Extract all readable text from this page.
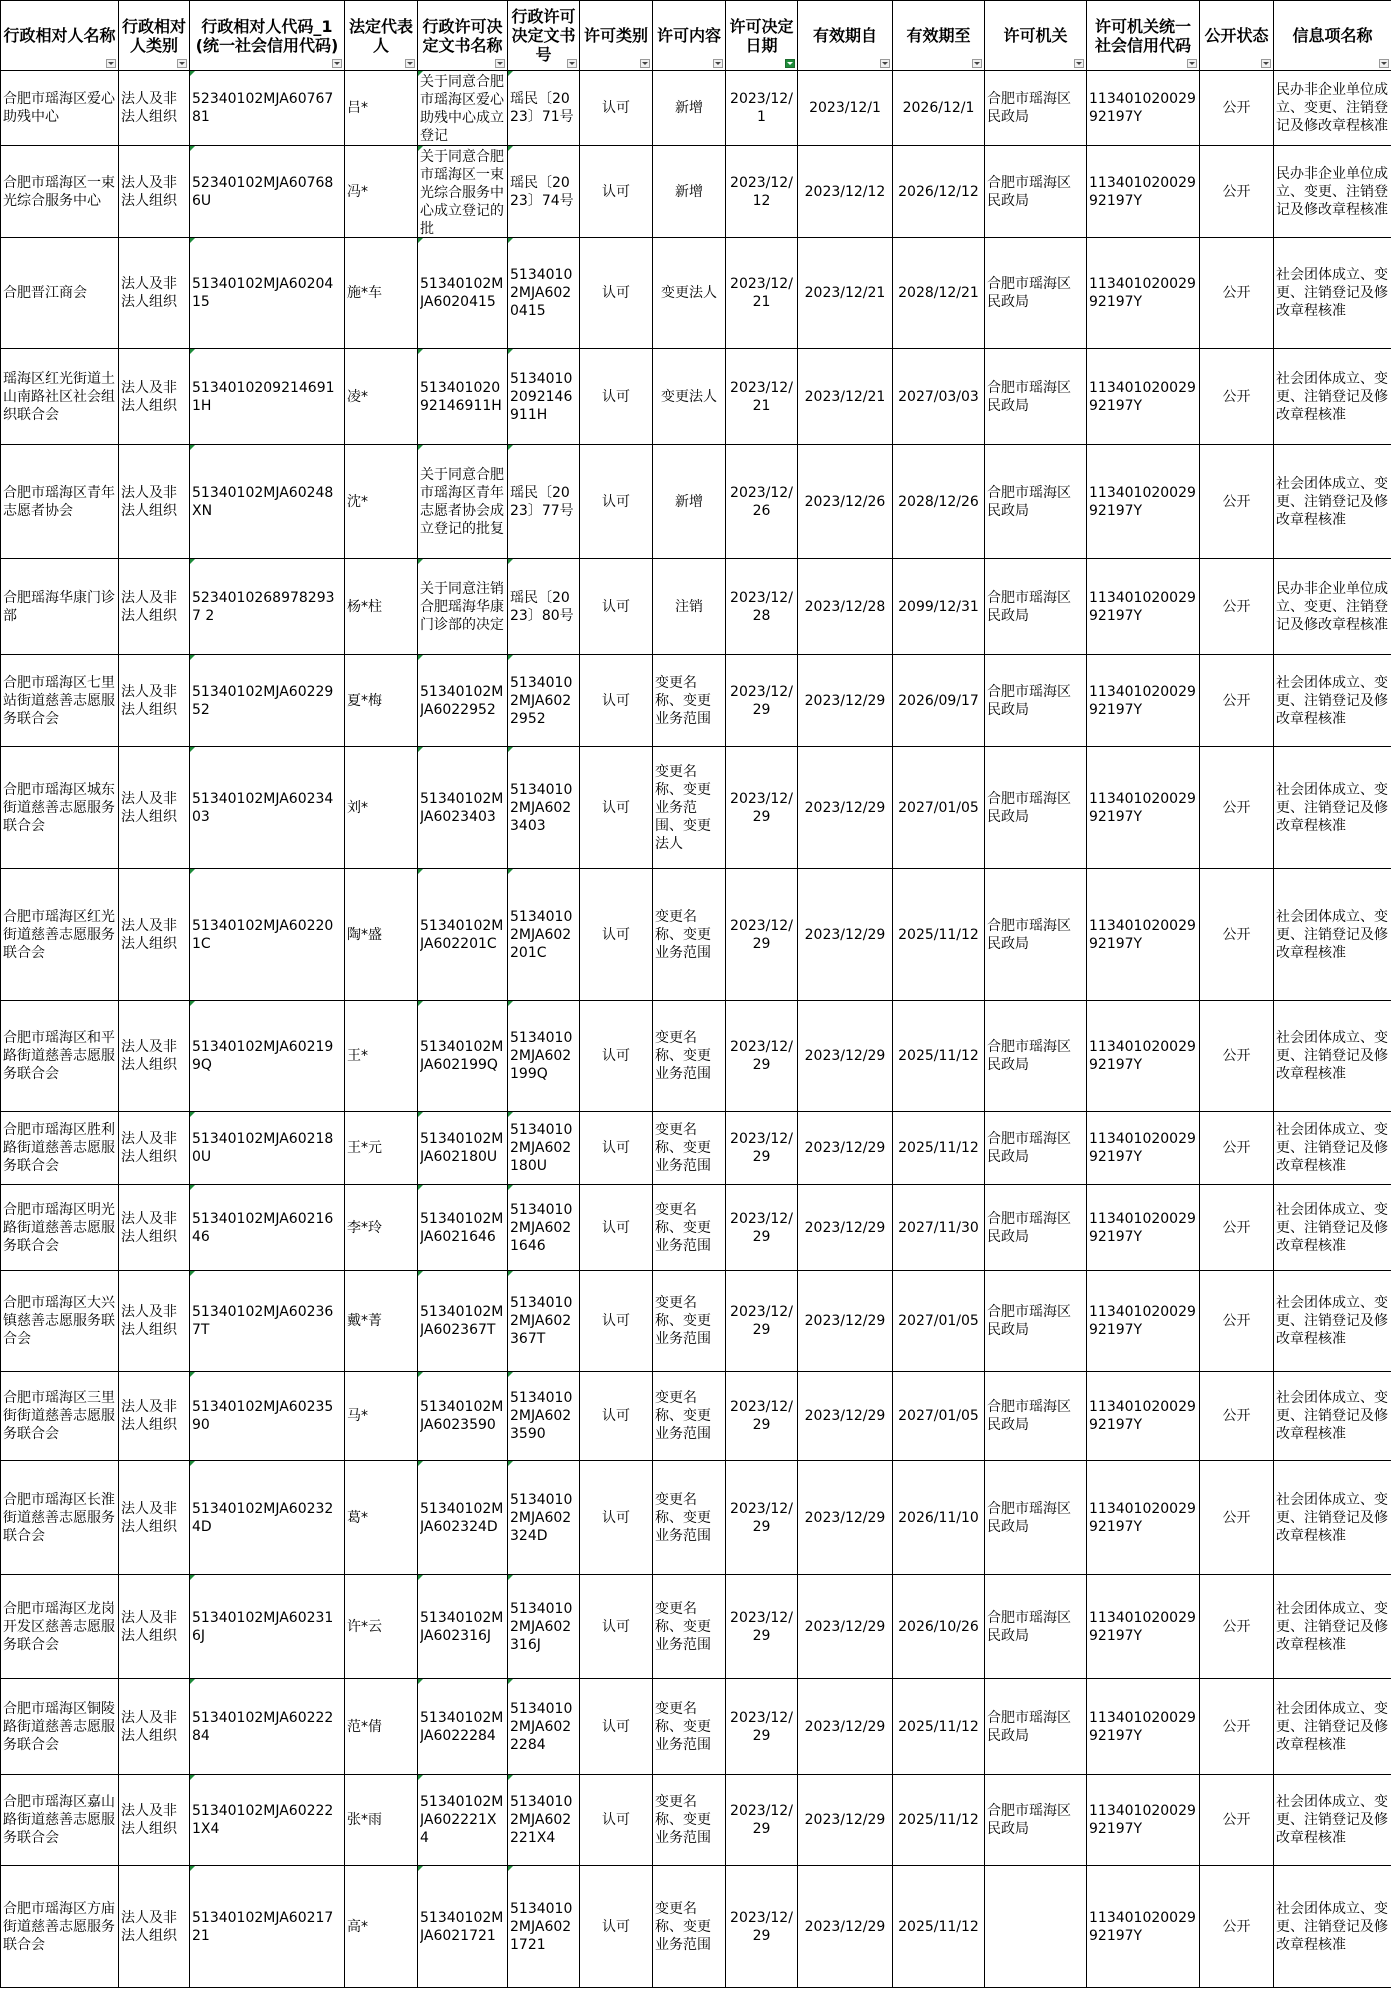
行政相对人名称	行政相对人类别	行政相对人代码_1(统一社会信用代码)	法定代表人	行政许可决定文书名称	行政许可决定文书号	许可类别	许可内容	许可决定日期	有效期自	有效期至	许可机关	许可机关统一社会信用代码	公开状态	信息项名称

合肥市瑶海区爱心助残中心	法人及非法人组织	52340102MJA6076781	吕*	关于同意合肥市瑶海区爱心助残中心成立登记	瑶民〔2023〕71号	认可	新增	2023/12/1	2023/12/1	2026/12/1	合肥市瑶海区民政局	11340102002992197Y	公开	民办非企业单位成立、变更、注销登记及修改章程核准

合肥市瑶海区一束光综合服务中心	法人及非法人组织	52340102MJA607686U	冯*	关于同意合肥市瑶海区一束光综合服务中心成立登记的批	瑶民〔2023〕74号	认可	新增	2023/12/12	2023/12/12	2026/12/12	合肥市瑶海区民政局	11340102002992197Y	公开	民办非企业单位成立、变更、注销登记及修改章程核准

合肥晋江商会	法人及非法人组织	51340102MJA6020415	施*车	51340102MJA6020415	51340102MJA6020415	认可	变更法人	2023/12/21	2023/12/21	2028/12/21	合肥市瑶海区民政局	11340102002992197Y	公开	社会团体成立、变更、注销登记及修改章程核准

瑶海区红光街道土山南路社区社会组织联合会	法人及非法人组织	5134010209214691 1H	凌*	51340102092146911H	51340102092146911H	认可	变更法人	2023/12/21	2023/12/21	2027/03/03	合肥市瑶海区民政局	11340102002992197Y	公开	社会团体成立、变更、注销登记及修改章程核准

合肥市瑶海区青年志愿者协会	法人及非法人组织	51340102MJA60248XN	沈*	关于同意合肥市瑶海区青年志愿者协会成立登记的批复	瑶民〔2023〕77号	认可	新增	2023/12/26	2023/12/26	2028/12/26	合肥市瑶海区民政局	11340102002992197Y	公开	社会团体成立、变更、注销登记及修改章程核准

合肥瑶海华康门诊部	法人及非法人组织	52340102689782937 2	杨*柱	关于同意注销合肥瑶海华康门诊部的决定	瑶民〔2023〕80号	认可	注销	2023/12/28	2023/12/28	2099/12/31	合肥市瑶海区民政局	11340102002992197Y	公开	民办非企业单位成立、变更、注销登记及修改章程核准

合肥市瑶海区七里站街道慈善志愿服务联合会	法人及非法人组织	51340102MJA6022952	夏*梅	51340102MJA6022952	51340102MJA6022952	认可	变更名称、变更业务范围	2023/12/29	2023/12/29	2026/09/17	合肥市瑶海区民政局	11340102002992197Y	公开	社会团体成立、变更、注销登记及修改章程核准

合肥市瑶海区城东街道慈善志愿服务联合会	法人及非法人组织	51340102MJA6023403	刘*	51340102MJA6023403	51340102MJA6023403	认可	变更名称、变更业务范围、变更法人	2023/12/29	2023/12/29	2027/01/05	合肥市瑶海区民政局	11340102002992197Y	公开	社会团体成立、变更、注销登记及修改章程核准

合肥市瑶海区红光街道慈善志愿服务联合会	法人及非法人组织	51340102MJA602201C	陶*盛	51340102MJA602201C	51340102MJA602201C	认可	变更名称、变更业务范围	2023/12/29	2023/12/29	2025/11/12	合肥市瑶海区民政局	11340102002992197Y	公开	社会团体成立、变更、注销登记及修改章程核准

合肥市瑶海区和平路街道慈善志愿服务联合会	法人及非法人组织	51340102MJA602199Q	王*	51340102MJA602199Q	51340102MJA602199Q	认可	变更名称、变更业务范围	2023/12/29	2023/12/29	2025/11/12	合肥市瑶海区民政局	11340102002992197Y	公开	社会团体成立、变更、注销登记及修改章程核准

合肥市瑶海区胜利路街道慈善志愿服务联合会	法人及非法人组织	51340102MJA602180U	王*元	51340102MJA602180U	51340102MJA602180U	认可	变更名称、变更业务范围	2023/12/29	2023/12/29	2025/11/12	合肥市瑶海区民政局	11340102002992197Y	公开	社会团体成立、变更、注销登记及修改章程核准

合肥市瑶海区明光路街道慈善志愿服务联合会	法人及非法人组织	51340102MJA6021646	李*玲	51340102MJA6021646	51340102MJA6021646	认可	变更名称、变更业务范围	2023/12/29	2023/12/29	2027/11/30	合肥市瑶海区民政局	11340102002992197Y	公开	社会团体成立、变更、注销登记及修改章程核准

合肥市瑶海区大兴镇慈善志愿服务联合会	法人及非法人组织	51340102MJA602367T	戴*菁	51340102MJA602367T	51340102MJA602367T	认可	变更名称、变更业务范围	2023/12/29	2023/12/29	2027/01/05	合肥市瑶海区民政局	11340102002992197Y	公开	社会团体成立、变更、注销登记及修改章程核准

合肥市瑶海区三里街街道慈善志愿服务联合会	法人及非法人组织	51340102MJA6023590	马*	51340102MJA6023590	51340102MJA6023590	认可	变更名称、变更业务范围	2023/12/29	2023/12/29	2027/01/05	合肥市瑶海区民政局	11340102002992197Y	公开	社会团体成立、变更、注销登记及修改章程核准

合肥市瑶海区长淮街道慈善志愿服务联合会	法人及非法人组织	51340102MJA602324D	葛*	51340102MJA602324D	51340102MJA602324D	认可	变更名称、变更业务范围	2023/12/29	2023/12/29	2026/11/10	合肥市瑶海区民政局	11340102002992197Y	公开	社会团体成立、变更、注销登记及修改章程核准

合肥市瑶海区龙岗开发区慈善志愿服务联合会	法人及非法人组织	51340102MJA602316J	许*云	51340102MJA602316J	51340102MJA602316J	认可	变更名称、变更业务范围	2023/12/29	2023/12/29	2026/10/26	合肥市瑶海区民政局	11340102002992197Y	公开	社会团体成立、变更、注销登记及修改章程核准

合肥市瑶海区铜陵路街道慈善志愿服务联合会	法人及非法人组织	51340102MJA6022284	范*倩	51340102MJA6022284	51340102MJA6022284	认可	变更名称、变更业务范围	2023/12/29	2023/12/29	2025/11/12	合肥市瑶海区民政局	11340102002992197Y	公开	社会团体成立、变更、注销登记及修改章程核准

合肥市瑶海区嘉山路街道慈善志愿服务联合会	法人及非法人组织	51340102MJA602221X4	张*雨	51340102MJA602221X4	51340102MJA602221X4	认可	变更名称、变更业务范围	2023/12/29	2023/12/29	2025/11/12	合肥市瑶海区民政局	11340102002992197Y	公开	社会团体成立、变更、注销登记及修改章程核准

合肥市瑶海区方庙街道慈善志愿服务联合会	法人及非法人组织	51340102MJA6021721	高*	51340102MJA6021721	51340102MJA6021721	认可	变更名称、变更业务范围	2023/12/29	2023/12/29	2025/11/12		11340102002992197Y	公开	社会团体成立、变更、注销登记及修改章程核准
